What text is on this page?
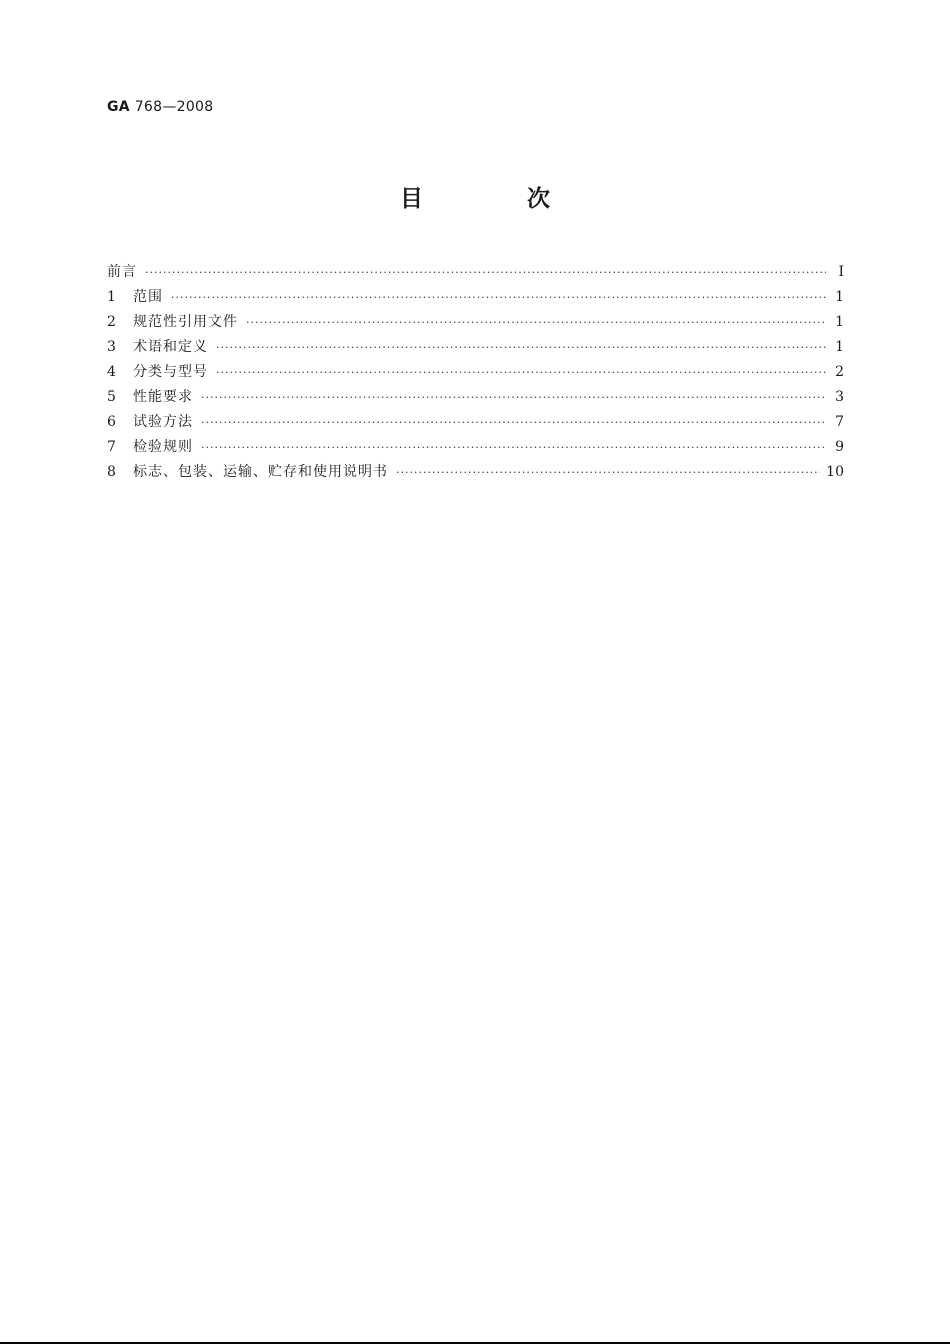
GA 768—2008
目 次
前言 ·····	Ⅰ
1	范围 ·····	1
2	规范性引用文件 ·····	1
3	术语和定义 ·····	1
4	分类与型号 ·····	2
5	性能要求 ·····	3
6	试验方法 ·····	7
7	检验规则 ·····	9
8	标志、包装、运输、贮存和使用说明书 ·····	10
